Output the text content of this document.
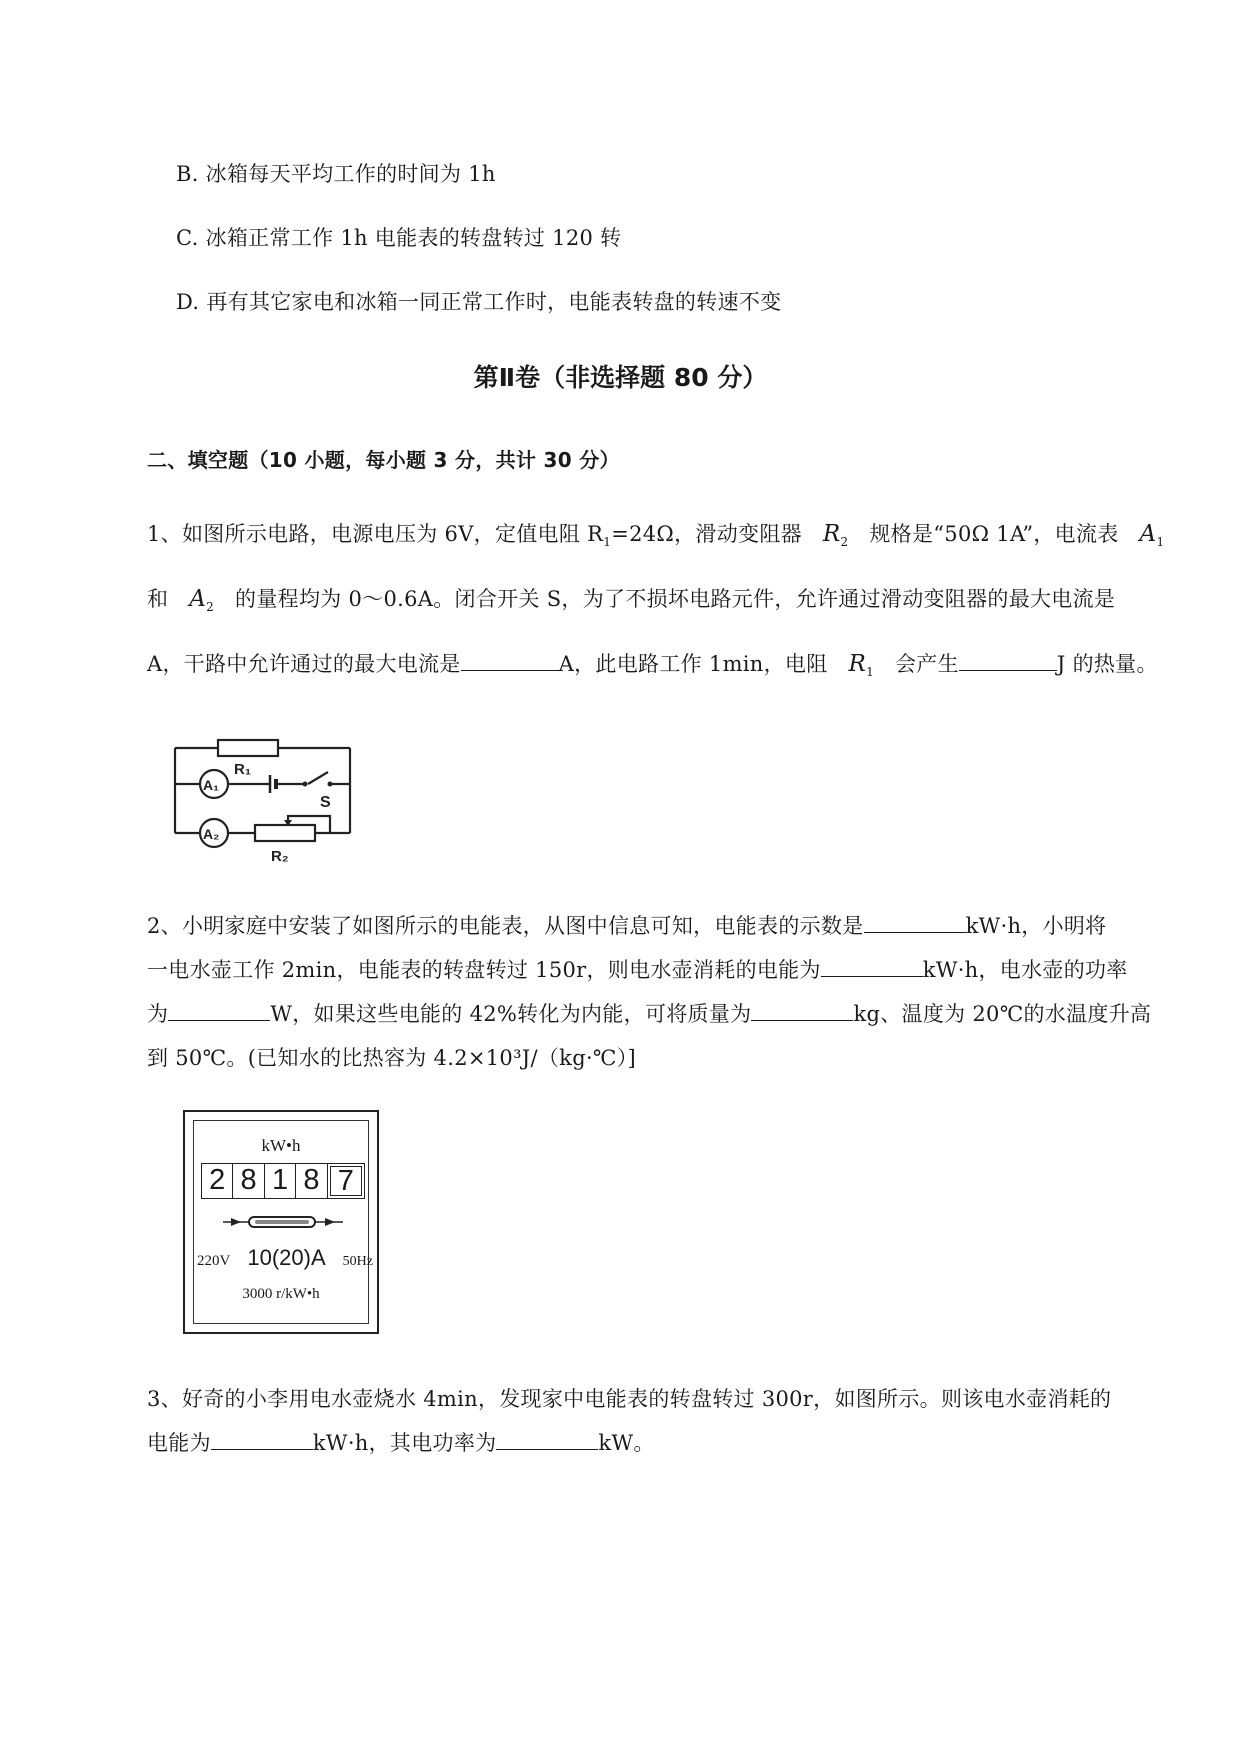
B. 冰箱每天平均工作的时间为 1h
C. 冰箱正常工作 1h 电能表的转盘转过 120 转
D. 再有其它家电和冰箱一同正常工作时，电能表转盘的转速不变
第Ⅱ卷（非选择题 80 分）
二、填空题（10 小题，每小题 3 分，共计 30 分）
1、如图所示电路，电源电压为 6V，定值电阻 $R_1=24\Omega$，滑动变阻器 $R_2$ 规格是“50Ω 1A”，电流表 $A_1$
和 $A_2$ 的量程均为 0～0.6A。闭合开关 S，为了不损坏电路元件，允许通过滑动变阻器的最大电流是
A，干路中允许通过的最大电流是	A，此电路工作 1min，电阻 $R_1$ 会产生	J 的热量。
R₁
A₁
S
A₂
R₂
2、小明家庭中安装了如图所示的电能表，从图中信息可知，电能表的示数是	kW·h，小明将
一电水壶工作 2min，电能表的转盘转过 150r，则电水壶消耗的电能为	kW·h，电水壶的功率
为	W，如果这些电能的 42%转化为内能，可将质量为	kg、温度为 20℃的水温度升高
到 50℃。(已知水的比热容为 4.2×10³J/（kg·℃）]
kW•h
2 8 1 8 7
220V 10(20)A 50Hz
3000 r/kW•h
3、好奇的小李用电水壶烧水 4min，发现家中电能表的转盘转过 300r，如图所示。则该电水壶消耗的
电能为	kW·h，其电功率为	kW。
